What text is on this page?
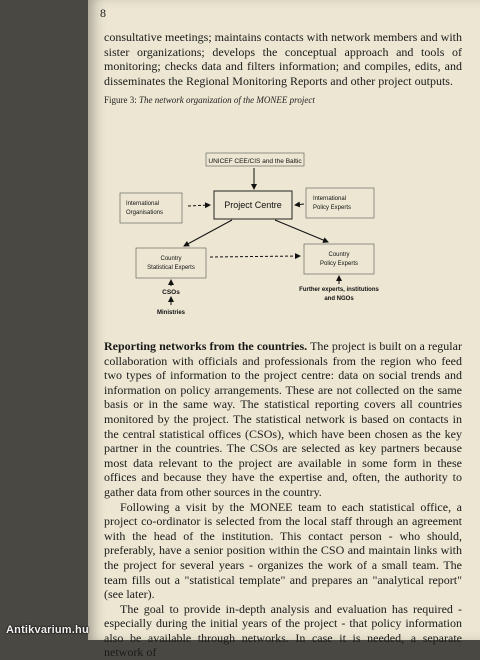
8

consultative meetings; maintains contacts with network members and with sister organizations; develops the conceptual approach and tools of monitoring; checks data and filters information; and compiles, edits, and disseminates the Regional Monitoring Reports and other project outputs.

Figure 3: The network organization of the MONEE project
UNICEF CEE/CIS and the Baltic
International
Organisations
Project Centre
International
Policy Experts
Country
Statistical Experts
Country
Policy Experts
CSOs
Ministries
Further experts, institutions
and NGOs

Reporting networks from the countries. The project is built on a regular collaboration with officials and professionals from the region who feed two types of information to the project centre: data on social trends and information on policy arrangements. These are not collected on the same basis or in the same way. The statistical reporting covers all countries monitored by the project. The statistical network is based on contacts in the central statistical offices (CSOs), which have been chosen as the key partner in the countries. The CSOs are selected as key partners because most data relevant to the project are available in some form in these offices and because they have the expertise and, often, the authority to gather data from other sources in the country.

Following a visit by the MONEE team to each statistical office, a project co-ordinator is selected from the local staff through an agreement with the head of the institution. This contact person - who should, preferably, have a senior position within the CSO and maintain links with the project for several years - organizes the work of a small team. The team fills out a "statistical template" and prepares an "analytical report" (see later).

The goal to provide in-depth analysis and evaluation has required - especially during the initial years of the project - that policy information also be available through networks. In case it is needed, a separate network of

Antikvarium.hu
